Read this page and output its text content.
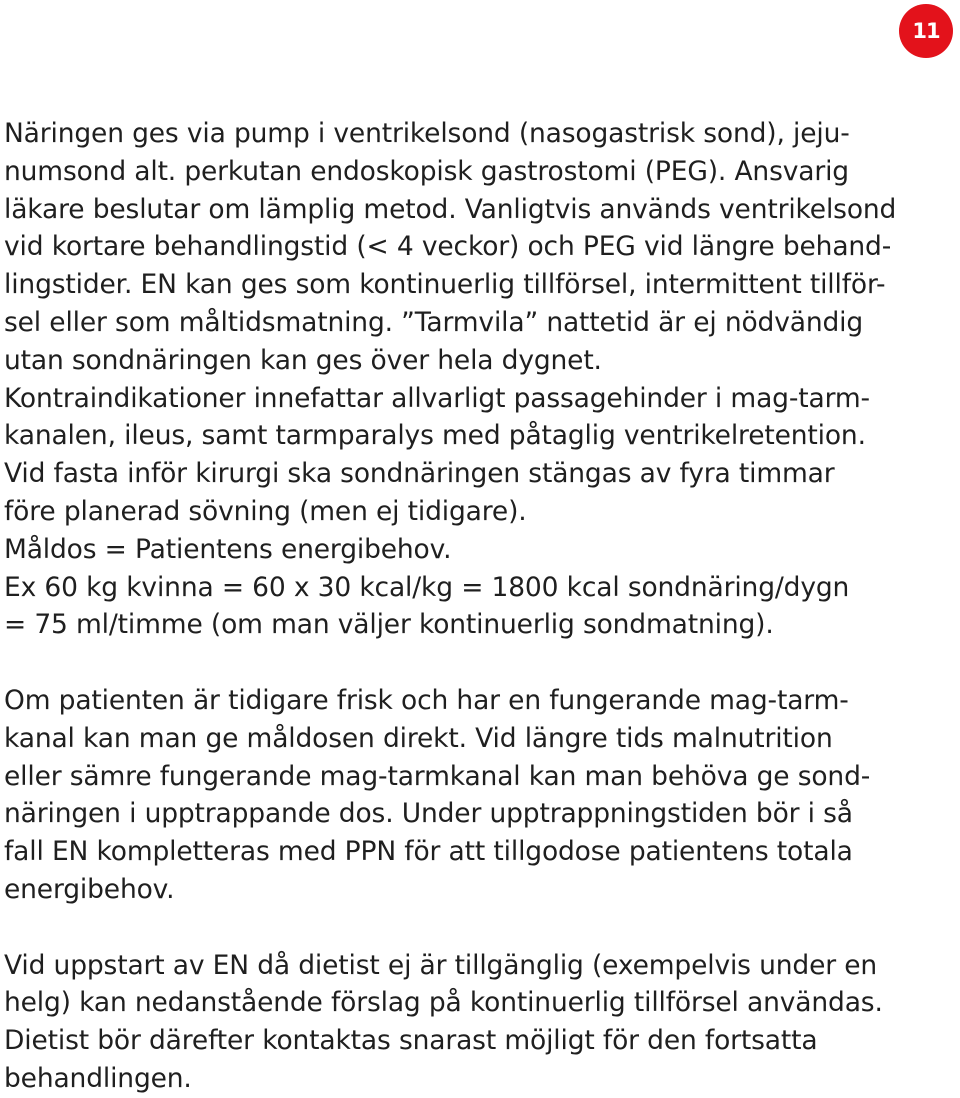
11
Näringen ges via pump i ventrikelsond (nasogastrisk sond), jeju-
numsond alt. perkutan endoskopisk gastrostomi (PEG). Ansvarig
läkare beslutar om lämplig metod. Vanligtvis används ventrikelsond
vid kortare behandlingstid (< 4 veckor) och PEG vid längre behand-
lingstider. EN kan ges som kontinuerlig tillförsel, intermittent tillför-
sel eller som måltidsmatning. ”Tarmvila” nattetid är ej nödvändig
utan sondnäringen kan ges över hela dygnet.
Kontraindikationer innefattar allvarligt passagehinder i mag-tarm-
kanalen, ileus, samt tarmparalys med påtaglig ventrikelretention.
Vid fasta inför kirurgi ska sondnäringen stängas av fyra timmar
före planerad sövning (men ej tidigare).
Måldos = Patientens energibehov.
Ex 60 kg kvinna = 60 x 30 kcal/kg = 1800 kcal sondnäring/dygn
= 75 ml/timme (om man väljer kontinuerlig sondmatning).
Om patienten är tidigare frisk och har en fungerande mag-tarm-
kanal kan man ge måldosen direkt. Vid längre tids malnutrition
eller sämre fungerande mag-tarmkanal kan man behöva ge sond-
näringen i upptrappande dos. Under upptrappningstiden bör i så
fall EN kompletteras med PPN för att tillgodose patientens totala
energibehov.
Vid uppstart av EN då dietist ej är tillgänglig (exempelvis under en
helg) kan nedanstående förslag på kontinuerlig tillförsel användas.
Dietist bör därefter kontaktas snarast möjligt för den fortsatta
behandlingen.
